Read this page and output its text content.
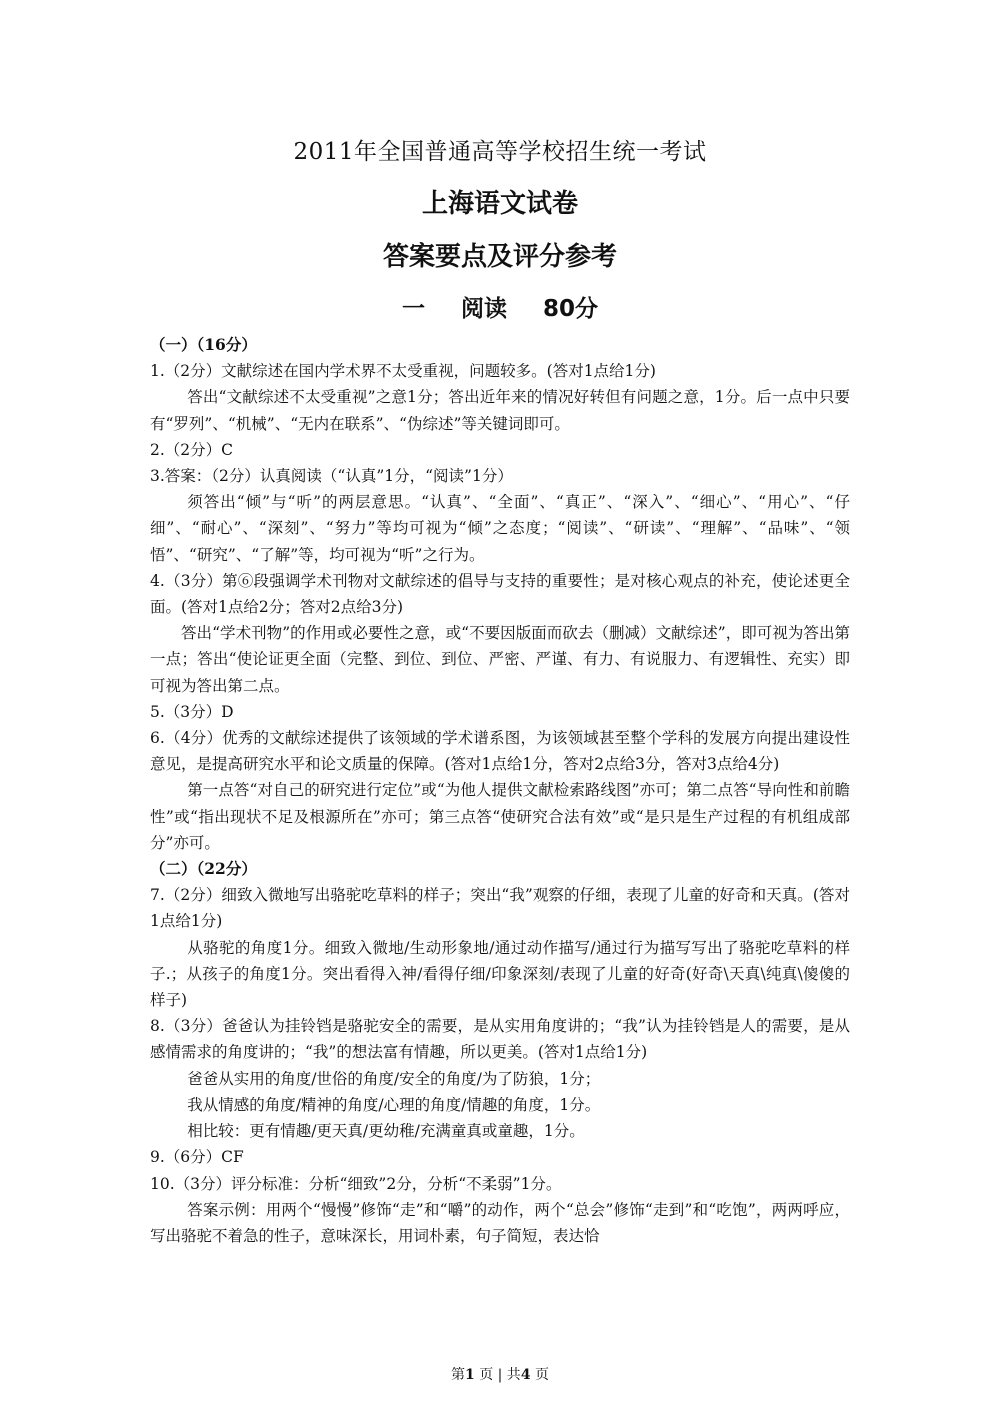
2011年全国普通高等学校招生统一考试
上海语文试卷
答案要点及评分参考
一 阅读 80分

（一）（16分）

1.（2分）文献综述在国内学术界不太受重视，问题较多。(答对1点给1分)

答出“文献综述不太受重视”之意1分；答出近年来的情况好转但有问题之意，1分。后一点中只要有“罗列”、“机械”、“无内在联系”、“伪综述”等关键词即可。

2.（2分）C

3.答案：（2分）认真阅读（“认真”1分，“阅读”1分）

须答出“倾”与“听”的两层意思。“认真”、“全面”、“真正”、“深入”、“细心”、“用心”、“仔细”、“耐心”、“深刻”、“努力”等均可视为“倾”之态度；“阅读”、“研读”、“理解”、“品味”、“领悟”、“研究”、“了解”等，均可视为“听”之行为。

4.（3分）第⑥段强调学术刊物对文献综述的倡导与支持的重要性；是对核心观点的补充，使论述更全面。(答对1点给2分；答对2点给3分)

答出“学术刊物”的作用或必要性之意，或“不要因版面而砍去（删减）文献综述”，即可视为答出第一点；答出“使论证更全面（完整、到位、到位、严密、严谨、有力、有说服力、有逻辑性、充实）即可视为答出第二点。

5.（3分）D

6.（4分）优秀的文献综述提供了该领域的学术谱系图，为该领域甚至整个学科的发展方向提出建设性意见，是提高研究水平和论文质量的保障。(答对1点给1分，答对2点给3分，答对3点给4分)

第一点答“对自己的研究进行定位”或“为他人提供文献检索路线图”亦可；第二点答“导向性和前瞻性”或“指出现状不足及根源所在”亦可；第三点答“使研究合法有效”或“是只是生产过程的有机组成部分”亦可。

（二）（22分）

7.（2分）细致入微地写出骆驼吃草料的样子；突出“我”观察的仔细，表现了儿童的好奇和天真。(答对1点给1分)

从骆驼的角度1分。细致入微地/生动形象地/通过动作描写/通过行为描写写出了骆驼吃草料的样子.；从孩子的角度1分。突出看得入神/看得仔细/印象深刻/表现了儿童的好奇(好奇\天真\纯真\傻傻的样子)

8.（3分）爸爸认为挂铃铛是骆驼安全的需要，是从实用角度讲的；“我”认为挂铃铛是人的需要，是从感情需求的角度讲的；“我”的想法富有情趣，所以更美。(答对1点给1分)

爸爸从实用的角度/世俗的角度/安全的角度/为了防狼，1分；

我从情感的角度/精神的角度/心理的角度/情趣的角度，1分。

相比较：更有情趣/更天真/更幼稚/充满童真或童趣，1分。

9.（6分）CF

10.（3分）评分标准：分析“细致”2分，分析“不柔弱”1分。

答案示例：用两个“慢慢”修饰“走”和“嚼”的动作，两个“总会”修饰“走到”和“吃饱”，两两呼应，写出骆驼不着急的性子，意味深长，用词朴素，句子简短，表达恰

第1 页 | 共4 页
